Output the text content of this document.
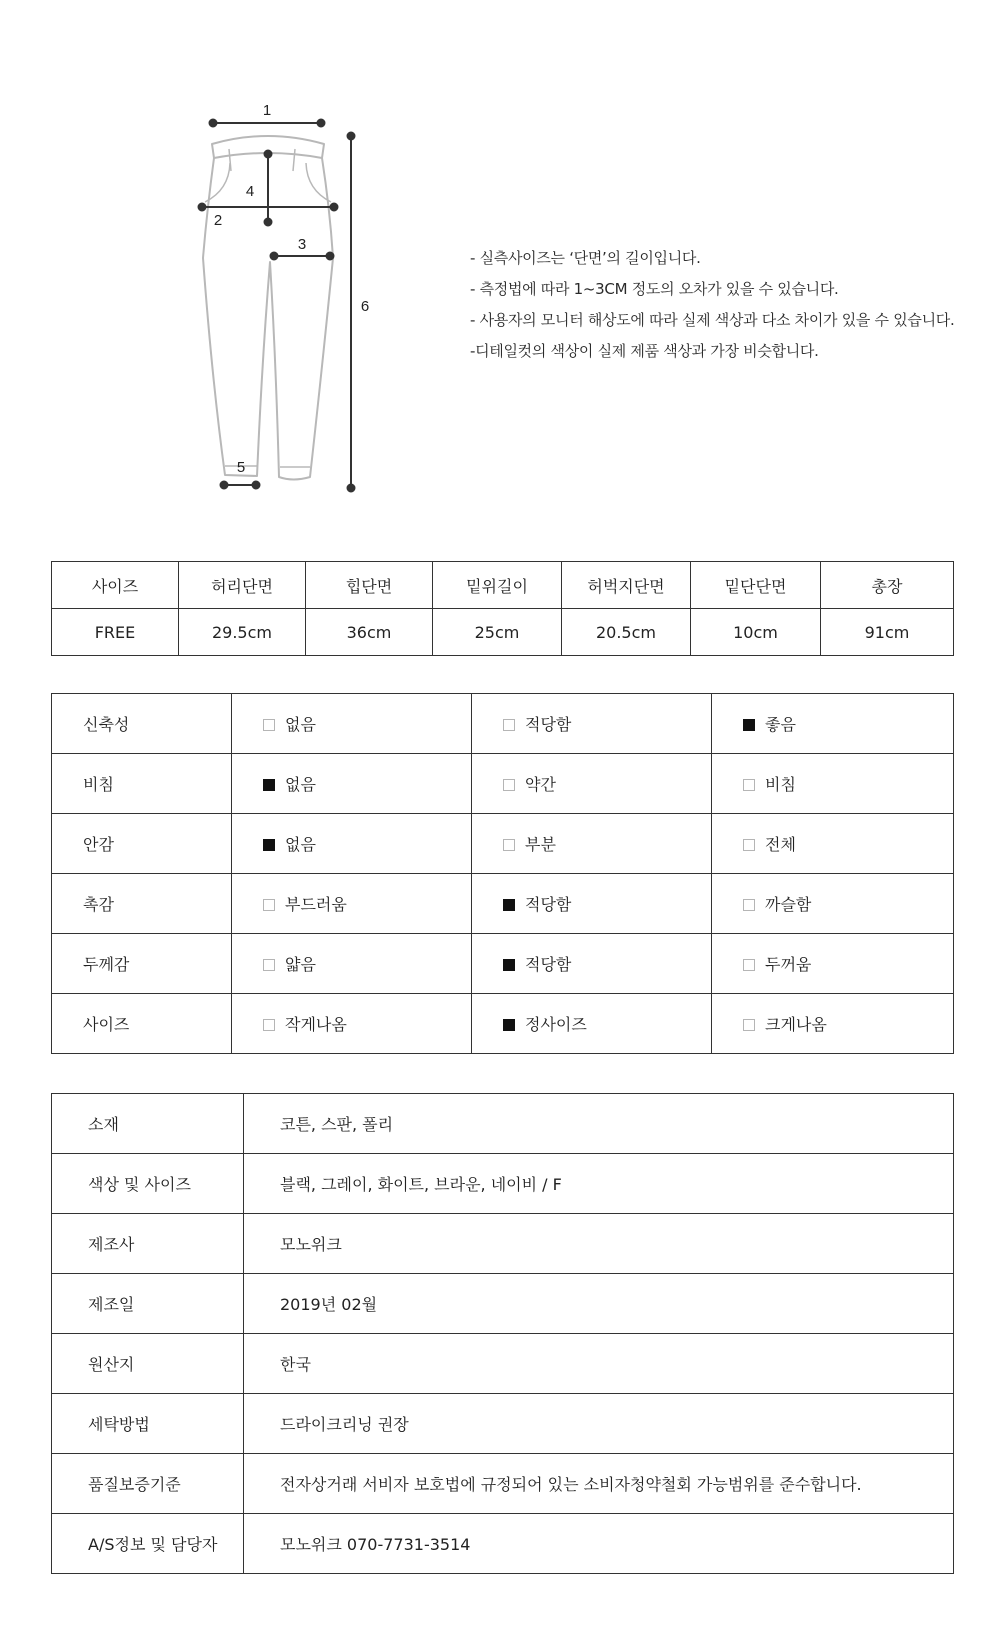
1
2
3
4
5
6
- 실측사이즈는 ‘단면’의 길이입니다.
- 측정법에 따라 1~3CM 정도의 오차가 있을 수 있습니다.
- 사용자의 모니터 해상도에 따라 실제 색상과 다소 차이가 있을 수 있습니다.
-디테일컷의 색상이 실제 제품 색상과 가장 비슷합니다.
사이즈	허리단면	힙단면	밑위길이	허벅지단면	밑단단면	총장
FREE	29.5cm	36cm	25cm	20.5cm	10cm	91cm
신축성	없음	적당함	좋음
비침	없음	약간	비침
안감	없음	부분	전체
촉감	부드러움	적당함	까슬함
두께감	얇음	적당함	두꺼움
사이즈	작게나옴	정사이즈	크게나옴
소재	코튼, 스판, 폴리
색상 및 사이즈	블랙, 그레이, 화이트, 브라운, 네이비 / F
제조사	모노위크
제조일	2019년 02월
원산지	한국
세탁방법	드라이크리닝 권장
품질보증기준	전자상거래 서비자 보호법에 규정되어 있는 소비자청약철회 가능범위를 준수합니다.
A/S정보 및 담당자	모노위크 070-7731-3514
